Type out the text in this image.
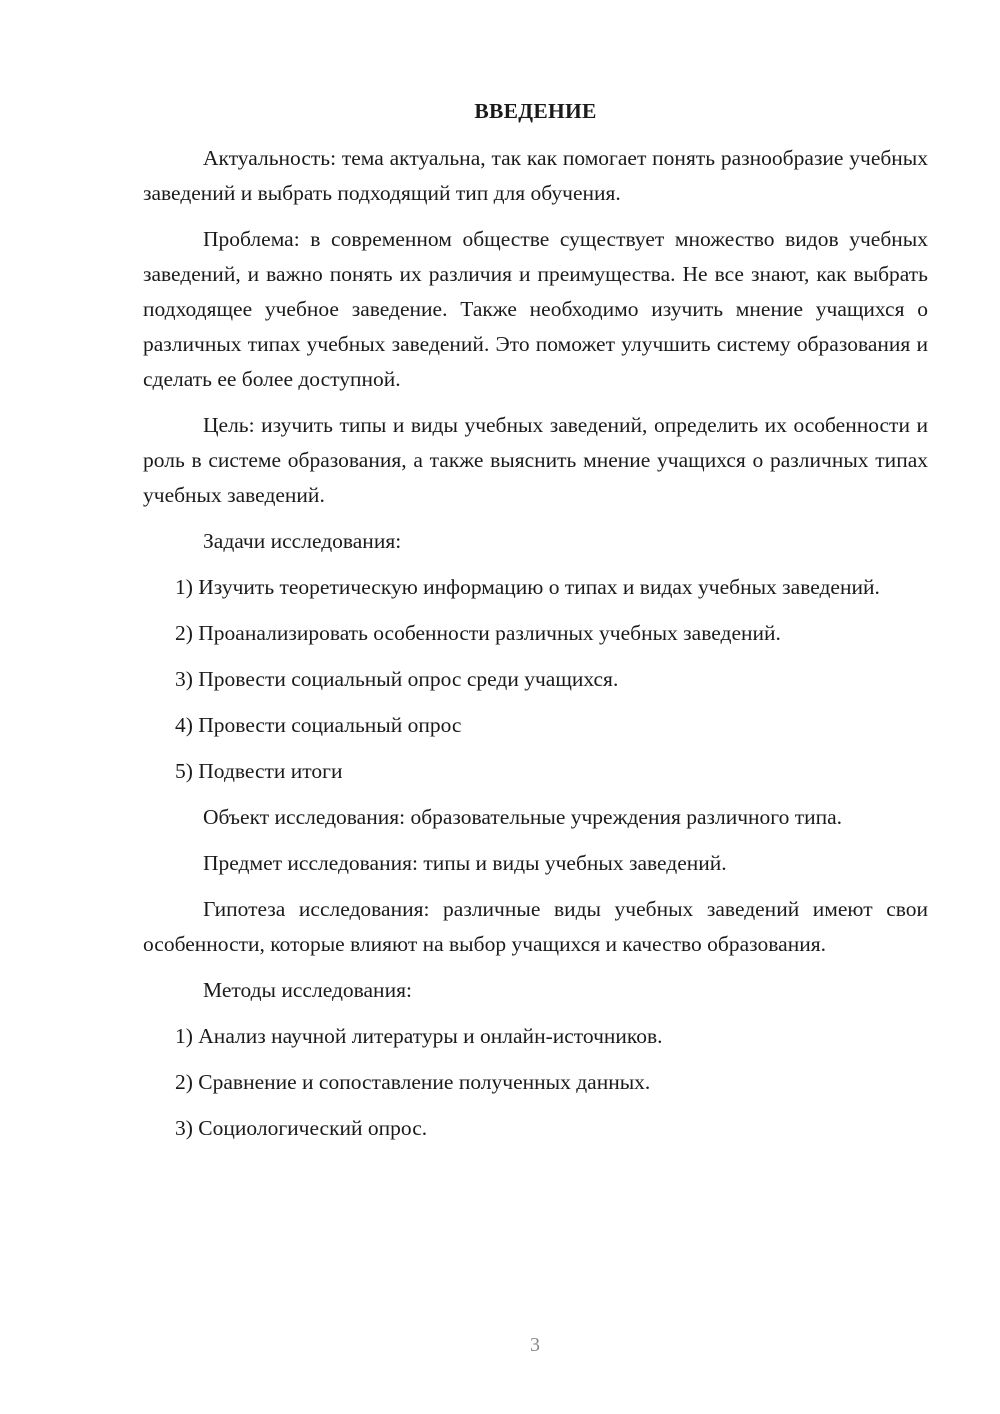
ВВЕДЕНИЕ

Актуальность: тема актуальна, так как помогает понять разнообразие учебных заведений и выбрать подходящий тип для обучения.

Проблема: в современном обществе существует множество видов учебных заведений, и важно понять их различия и преимущества. Не все знают, как выбрать подходящее учебное заведение. Также необходимо изучить мнение учащихся о различных типах учебных заведений. Это поможет улучшить систему образования и сделать ее более доступной.

Цель: изучить типы и виды учебных заведений, определить их особенности и роль в системе образования, а также выяснить мнение учащихся о различных типах учебных заведений.

Задачи исследования:

1) Изучить теоретическую информацию о типах и видах учебных заведений.

2) Проанализировать особенности различных учебных заведений.

3) Провести социальный опрос среди учащихся.

4) Провести социальный опрос

5) Подвести итоги

Объект исследования: образовательные учреждения различного типа.

Предмет исследования: типы и виды учебных заведений.

Гипотеза исследования: различные виды учебных заведений имеют свои особенности, которые влияют на выбор учащихся и качество образования.

Методы исследования:

1) Анализ научной литературы и онлайн-источников.

2) Сравнение и сопоставление полученных данных.

3) Социологический опрос.

3
